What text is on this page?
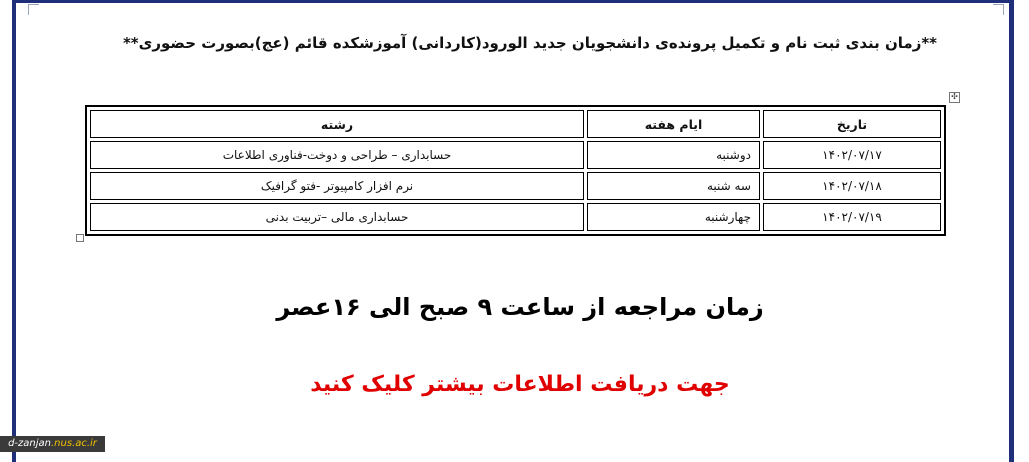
**زمان بندی ثبت نام و تکمیل پرونده‌ی دانشجویان جدید الورود(کاردانی) آموزشکده قائم (عج)بصورت حضوری**
✣
تاریخ	ایام هفته	رشته
۱۴۰۲/۰۷/۱۷	دوشنبه	حسابداری – طراحی و دوخت-فناوری اطلاعات
۱۴۰۲/۰۷/۱۸	سه شنبه	نرم افزار کامپیوتر -فتو گرافیک
۱۴۰۲/۰۷/۱۹	چهارشنبه	حسابداری مالی –تربیت بدنی
زمان مراجعه از ساعت ۹ صبح الی ۱۶عصر
جهت دریافت اطلاعات بیشتر کلیک کنید
d-zanjan.nus.ac.ir
